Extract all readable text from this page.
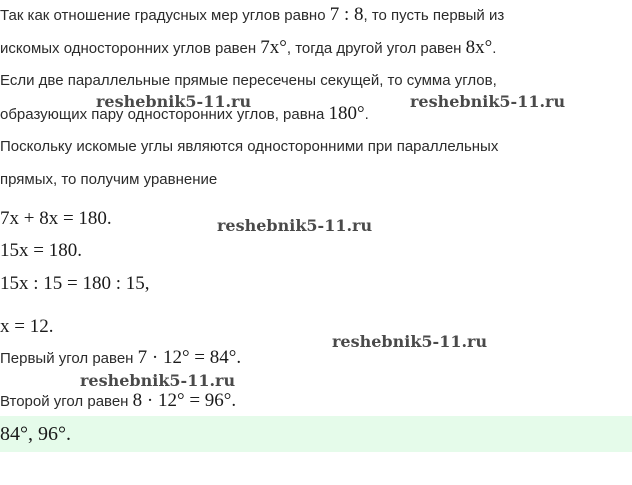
Так как отношение градусных мер углов равно 7 : 8, то пусть первый из
искомых односторонних углов равен 7x°, тогда другой угол равен 8x°.
Если две параллельные прямые пересечены секущей, то сумма углов,
образующих пару односторонних углов, равна 180°.
Поскольку искомые углы являются односторонними при параллельных
прямых, то получим уравнение
7x + 8x = 180.
15x = 180.
15x : 15 = 180 : 15,
x = 12.
Первый угол равен 7 · 12° = 84°.
Второй угол равен 8 · 12° = 96°.
84°, 96°.
reshebnik5-11.ru	reshebnik5-11.ru
reshebnik5-11.ru
reshebnik5-11.ru
reshebnik5-11.ru
